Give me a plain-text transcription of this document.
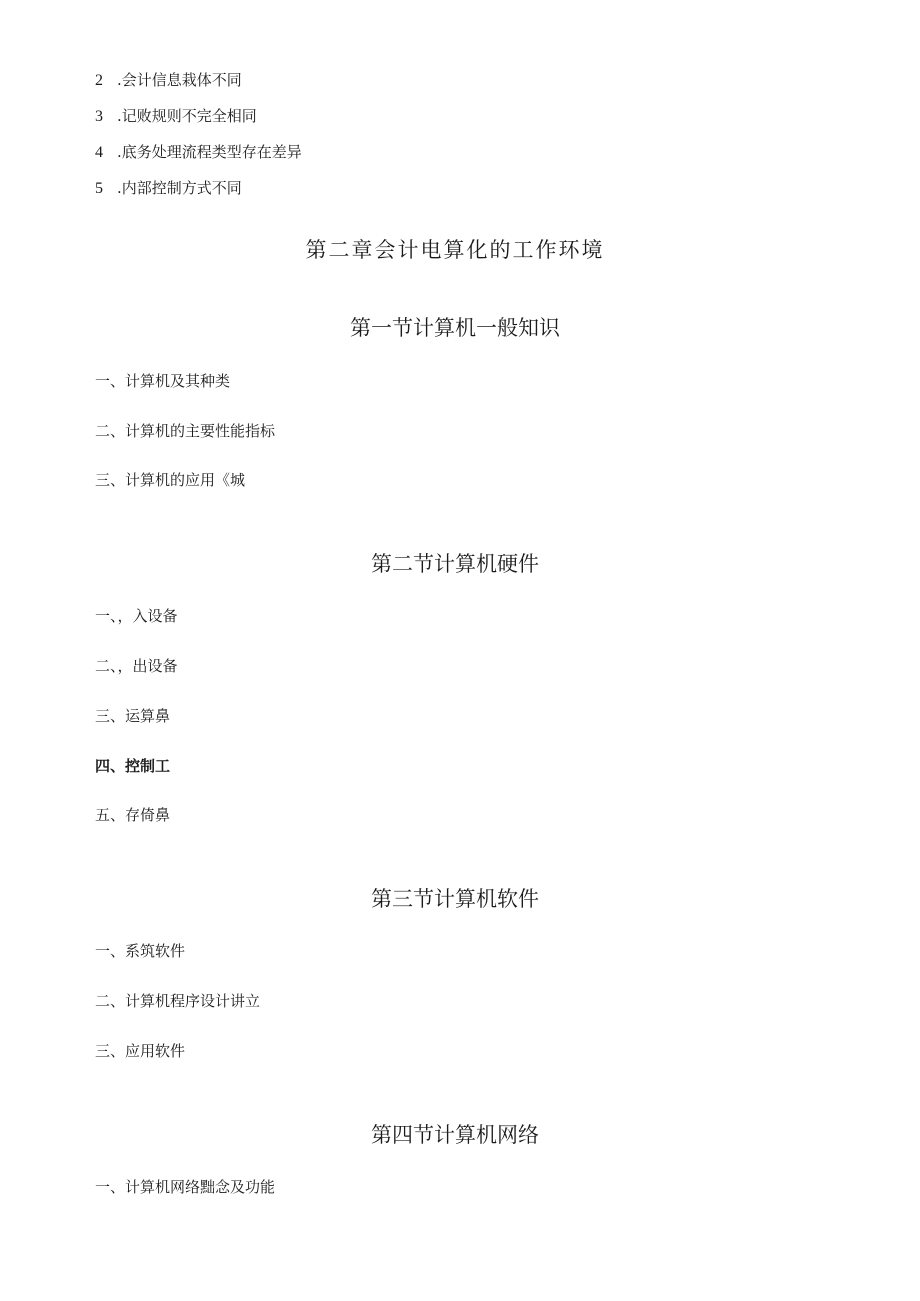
2 .会计信息栽体不同
3 .记败规则不完全相同
4 .底务处理流程类型存在差异
5 .内部控制方式不同
第二章会计电算化的工作环境
第一节计算机一般知识
一、计算机及其种类
二、计算机的主要性能指标
三、计算机的应用《城
第二节计算机硬件
一、，入设备
二、，出设备
三、运算鼻
四、控制工
五、存倚鼻
第三节计算机软件
一、系筑软件
二、计算机程序设计讲立
三、应用软件
第四节计算机网络
一、计算机网络黜念及功能
